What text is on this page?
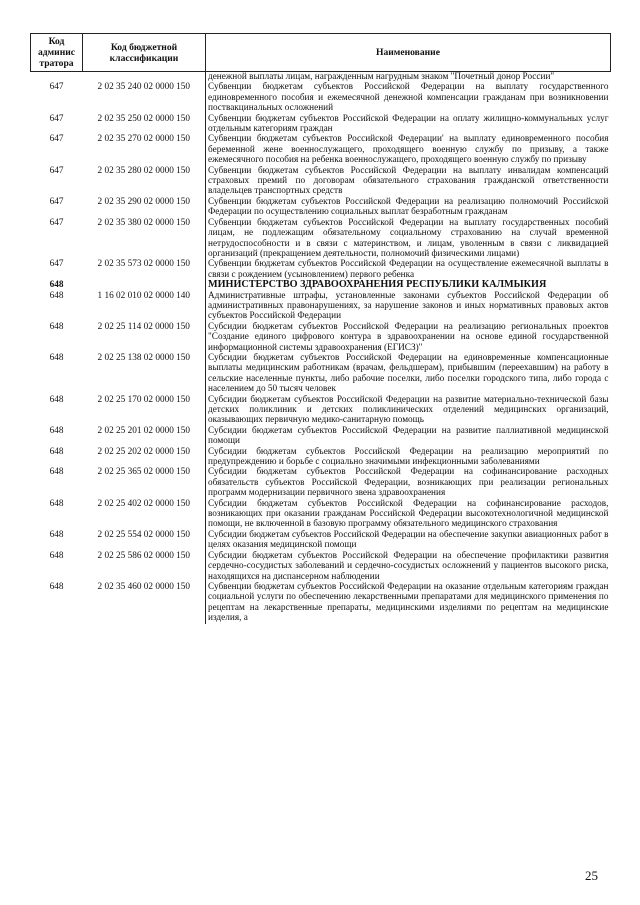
Код админис тратора	Код бюджетной классификации	Наименование
		денежной выплаты лицам, награжденным нагрудным знаком "Почетный донор России"
647	2 02 35 240 02 0000 150	Субвенции бюджетам субъектов Российской Федерации на выплату государственного единовременного пособия и ежемесячной денежной компенсации гражданам при возникновении поствакцинальных осложнений
647	2 02 35 250 02 0000 150	Субвенции бюджетам субъектов Российской Федерации на оплату жилищно-коммунальных услуг отдельным категориям граждан
647	2 02 35 270 02 0000 150	Субвенции бюджетам субъектов Российской Федерации' на выплату единовременного пособия беременной жене военнослужащего, проходящего военную службу по призыву, а также ежемесячного пособия на ребенка военнослужащего, проходящего военную службу по призыву
647	2 02 35 280 02 0000 150	Субвенции бюджетам субъектов Российской Федерации на выплату инвалидам компенсаций страховых премий по договорам обязательного страхования гражданской ответственности владельцев транспортных средств
647	2 02 35 290 02 0000 150	Субвенции бюджетам субъектов Российской Федерации на реализацию полномочий Российской Федерации по осуществлению социальных выплат безработным гражданам
647	2 02 35 380 02 0000 150	Субвенции бюджетам субъектов Российской Федерации на выплату государственных пособий лицам, не подлежащим обязательному социальному страхованию на случай временной нетрудоспособности и в связи с материнством, и лицам, уволенным в связи с ликвидацией организаций (прекращением деятельности, полномочий физическими лицами)
647	2 02 35 573 02 0000 150	Субвенции бюджетам субъектов Российской Федерации на осуществление ежемесячной выплаты в связи с рождением (усыновлением) первого ребенка
648		МИНИСТЕРСТВО ЗДРАВООХРАНЕНИЯ РЕСПУБЛИКИ КАЛМЫКИЯ
648	1 16 02 010 02 0000 140	Административные штрафы, установленные законами субъектов Российской Федерации об административных правонарушениях, за нарушение законов и иных нормативных правовых актов субъектов Российской Федерации
648	2 02 25 114 02 0000 150	Субсидии бюджетам субъектов Российской Федерации на реализацию региональных проектов "Создание единого цифрового контура в здравоохранении на основе единой государственной информационной системы здравоохранения (ЕГИСЗ)"
648	2 02 25 138 02 0000 150	Субсидии бюджетам субъектов Российской Федерации на единовременные компенсационные выплаты медицинским работникам (врачам, фельдшерам), прибывшим (переехавшим) на работу в сельские населенные пункты, либо рабочие поселки, либо поселки городского типа, либо города с населением до 50 тысяч человек
648	2 02 25 170 02 0000 150	Субсидии бюджетам субъектов Российской Федерации на развитие материально-технической базы детских поликлиник и детских поликлинических отделений медицинских организаций, оказывающих первичную медико-санитарную помощь
648	2 02 25 201 02 0000 150	Субсидии бюджетам субъектов Российской Федерации на развитие паллиативной медицинской помощи
648	2 02 25 202 02 0000 150	Субсидии бюджетам субъектов Российской Федерации на реализацию мероприятий по предупреждению и борьбе с социально значимыми инфекционными заболеваниями
648	2 02 25 365 02 0000 150	Субсидии бюджетам субъектов Российской Федерации на софинансирование расходных обязательств субъектов Российской Федерации, возникающих при реализации региональных программ модернизации первичного звена здравоохранения
648	2 02 25 402 02 0000 150	Субсидии бюджетам субъектов Российской Федерации на софинансирование расходов, возникающих при оказании гражданам Российской Федерации высокотехнологичной медицинской помощи, не включенной в базовую программу обязательного медицинского страхования
648	2 02 25 554 02 0000 150	Субсидии бюджетам субъектов Российской Федерации на обеспечение закупки авиационных работ в целях оказания медицинской помощи
648	2 02 25 586 02 0000 150	Субсидии бюджетам субъектов Российской Федерации на обеспечение профилактики развития сердечно-сосудистых заболеваний и сердечно-сосудистых осложнений у пациентов высокого риска, находящихся на диспансерном наблюдении
648	2 02 35 460 02 0000 150	Субвенции бюджетам субъектов Российской Федерации на оказание отдельным категориям граждан социальной услуги по обеспечению лекарственными препаратами для медицинского применения по рецептам на лекарственные препараты, медицинскими изделиями по рецептам на медицинские изделия, а
25
